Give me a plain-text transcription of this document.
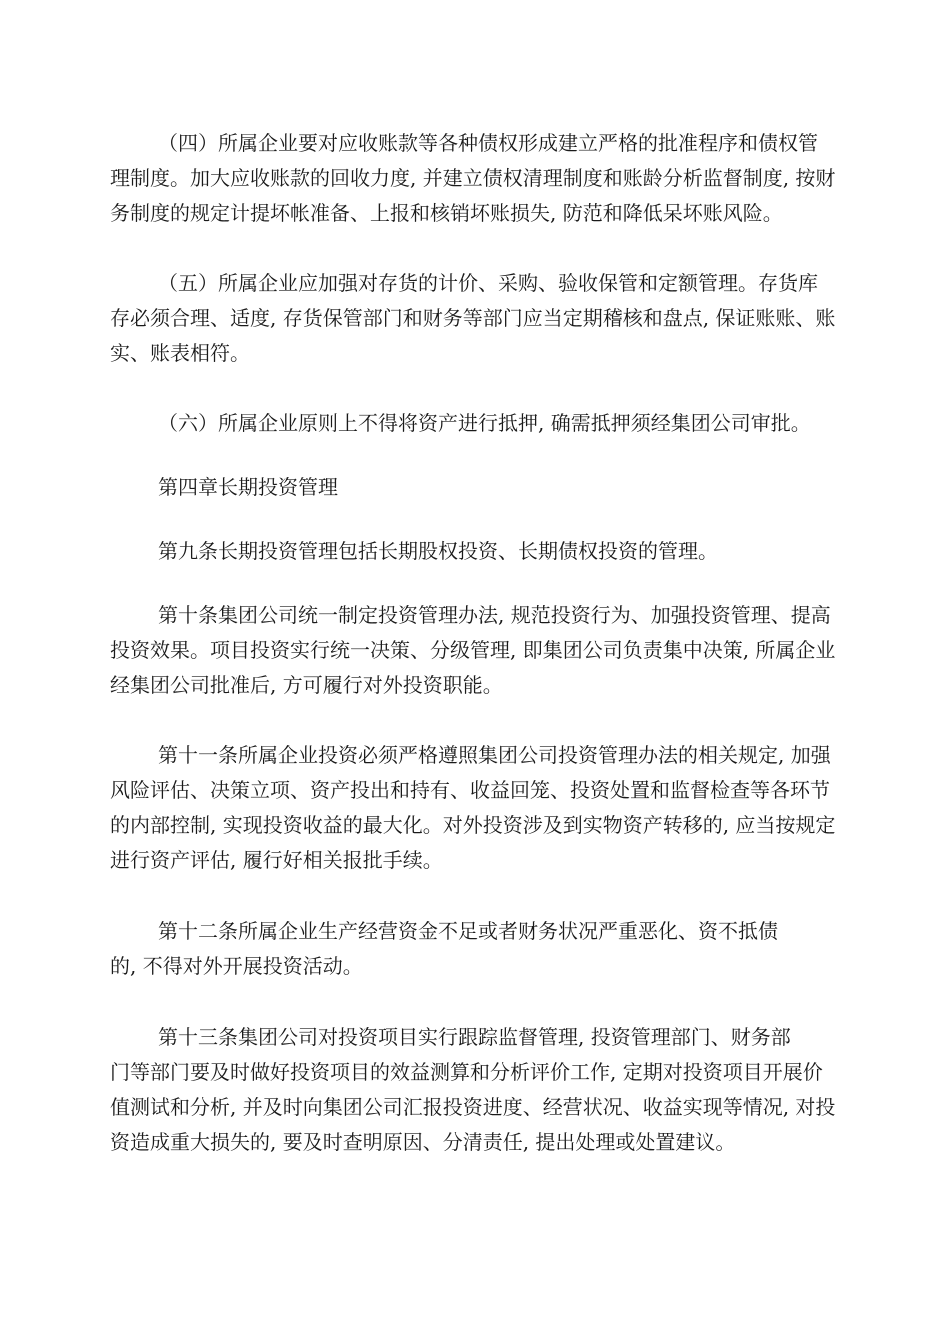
（四）所属企业要对应收账款等各种债权形成建立严格的批准程序和债权管
理制度。加大应收账款的回收力度, 并建立债权清理制度和账龄分析监督制度, 按财
务制度的规定计提坏帐准备、上报和核销坏账损失, 防范和降低呆坏账风险。
（五）所属企业应加强对存货的计价、采购、验收保管和定额管理。存货库
存必须合理、适度, 存货保管部门和财务等部门应当定期稽核和盘点, 保证账账、账
实、账表相符。
（六）所属企业原则上不得将资产进行抵押, 确需抵押须经集团公司审批。
第四章长期投资管理
第九条长期投资管理包括长期股权投资、长期债权投资的管理。
第十条集团公司统一制定投资管理办法, 规范投资行为、加强投资管理、提高
投资效果。项目投资实行统一决策、分级管理, 即集团公司负责集中决策, 所属企业
经集团公司批准后, 方可履行对外投资职能。
第十一条所属企业投资必须严格遵照集团公司投资管理办法的相关规定, 加强
风险评估、决策立项、资产投出和持有、收益回笼、投资处置和监督检查等各环节
的内部控制, 实现投资收益的最大化。对外投资涉及到实物资产转移的, 应当按规定
进行资产评估, 履行好相关报批手续。
第十二条所属企业生产经营资金不足或者财务状况严重恶化、资不抵债
的, 不得对外开展投资活动。
第十三条集团公司对投资项目实行跟踪监督管理, 投资管理部门、财务部
门等部门要及时做好投资项目的效益测算和分析评价工作, 定期对投资项目开展价
值测试和分析, 并及时向集团公司汇报投资进度、经营状况、收益实现等情况, 对投
资造成重大损失的, 要及时查明原因、分清责任, 提出处理或处置建议。
